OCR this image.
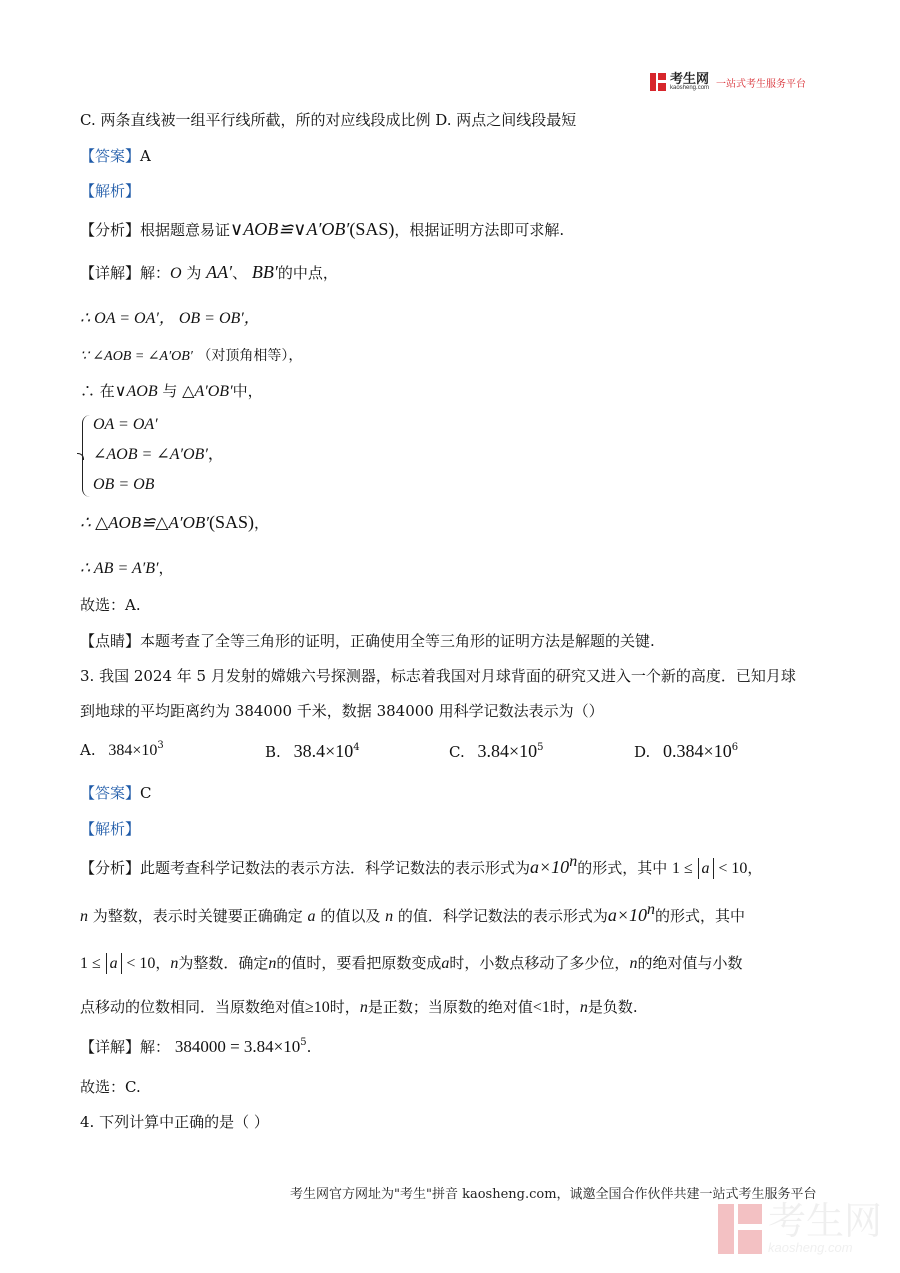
考生网
kaosheng.com 一站式考生服务平台
C. 两条直线被一组平行线所截，所的对应线段成比例 D. 两点之间线段最短
【答案】A
【解析】
【分析】根据题意易证∨AOB≌∨A′OB′(SAS)，根据证明方法即可求解.
【详解】解：O 为 AA′、 BB′的中点，
∴ OA = OA′， OB = OB′，
∵ ∠AOB = ∠A′OB′ （对顶角相等），
∴ 在∨AOB 与 △A′OB′中，
OA = OA′
∠AOB = ∠A′OB′，
OB = OB
∴ △AOB≌△A′OB′(SAS)，
∴ AB = A′B′，
故选：A.
【点睛】本题考查了全等三角形的证明，正确使用全等三角形的证明方法是解题的关键.
3. 我国 2024 年 5 月发射的嫦娥六号探测器，标志着我国对月球背面的研究又进入一个新的高度．已知月球
到地球的平均距离约为 384000 千米，数据 384000 用科学记数法表示为（）
A. $384\times 10^3$	B. $38.4\times 10^4$	C. $3.84\times 10^5$	D. $0.384\times 10^6$
【答案】C
【解析】
【分析】此题考查科学记数法的表示方法．科学记数法的表示形式为$a\times 10^n$的形式，其中 1 ≤ a < 10，
n 为整数，表示时关键要正确确定 a 的值以及 n 的值．科学记数法的表示形式为$a\times 10^n$的形式，其中
1 ≤ a < 10，n为整数．确定n的值时，要看把原数变成a时，小数点移动了多少位，n的绝对值与小数
点移动的位数相同．当原数绝对值≥10时，n是正数；当原数的绝对值<1时，n是负数.
【详解】解： $384000 = 3.84\times 10^5$.
故选：C.
4. 下列计算中正确的是（ ）
考生网官方网址为"考生"拼音 kaosheng.com，诚邀全国合作伙伴共建一站式考生服务平台
考生网
kaosheng.com
